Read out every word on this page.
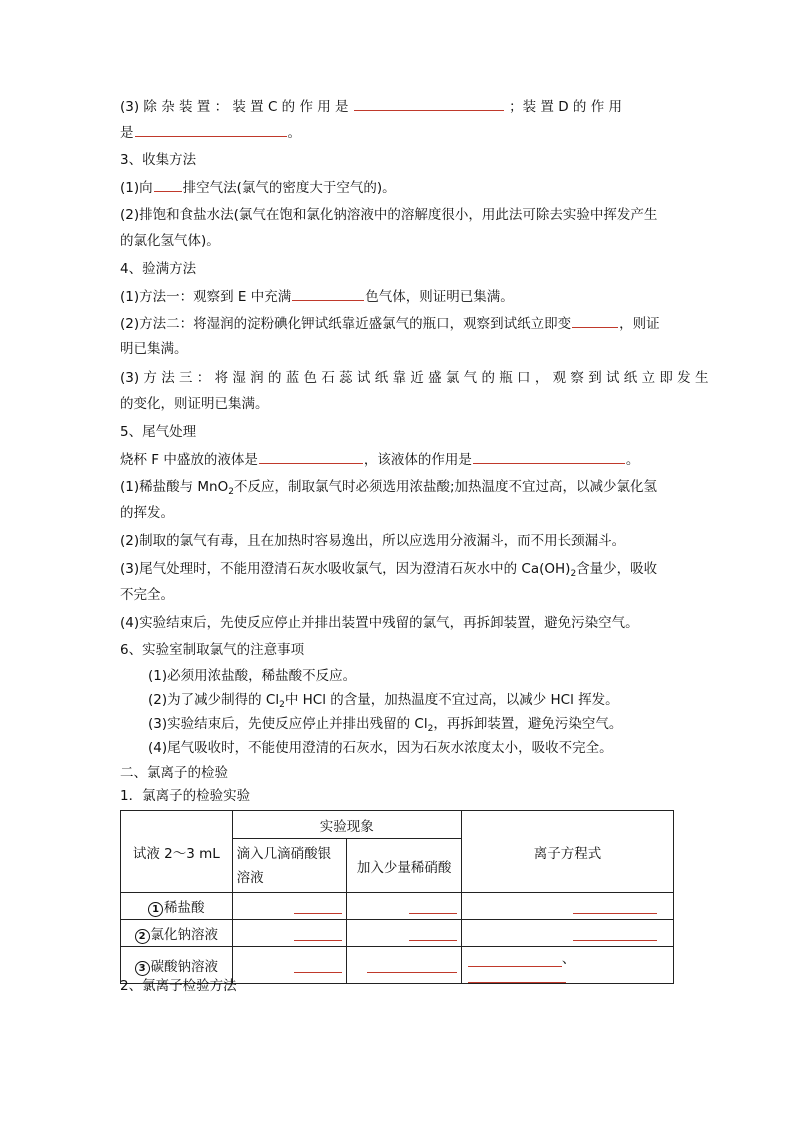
(3) 除 杂 装 置 ： 装 置 C 的 作 用 是	；装 置 D 的 作 用
是	。
3、收集方法
(1)向 排空气法(氯气的密度大于空气的)。
(2)排饱和食盐水法(氯气在饱和氯化钠溶液中的溶解度很小，用此法可除去实验中挥发产生
的氯化氢气体)。
4、验满方法
(1)方法一：观察到 E 中充满	色气体，则证明已集满。
(2)方法二：将湿润的淀粉碘化钾试纸靠近盛氯气的瓶口，观察到试纸立即变	，则证
明已集满。
(3) 方 法 三 ： 将 湿 润 的 蓝 色 石 蕊 试 纸 靠 近 盛 氯 气 的 瓶 口 ， 观 察 到 试 纸 立 即 发 生
的变化，则证明已集满。
5、尾气处理
烧杯 F 中盛放的液体是	，该液体的作用是	。
(1)稀盐酸与 MnO$_2$不反应，制取氯气时必须选用浓盐酸;加热温度不宜过高，以减少氯化氢
的挥发。
(2)制取的氯气有毒，且在加热时容易逸出，所以应选用分液漏斗，而不用长颈漏斗。
(3)尾气处理时，不能用澄清石灰水吸收氯气，因为澄清石灰水中的 $Ca(OH)_2$含量少，吸收
不完全。
(4)实验结束后，先使反应停止并排出装置中残留的氯气，再拆卸装置，避免污染空气。
6、实验室制取氯气的注意事项
(1)必须用浓盐酸，稀盐酸不反应。
(2)为了减少制得的 $Cl_2$中 HCl 的含量，加热温度不宜过高，以减少 HCl 挥发。
(3)实验结束后，先使反应停止并排出残留的 $Cl_2$，再拆卸装置，避免污染空气。
(4)尾气吸收时，不能使用澄清的石灰水，因为石灰水浓度太小，吸收不完全。
二、氯离子的检验
1．氯离子的检验实验
试液 2～3 mL	实验现象		离子方程式
	滴入几滴硝酸银溶液	加入少量稀硝酸	
1 稀盐酸			
2 氯化钠溶液			
3 碳酸钠溶液			、
2、氯离子检验方法
